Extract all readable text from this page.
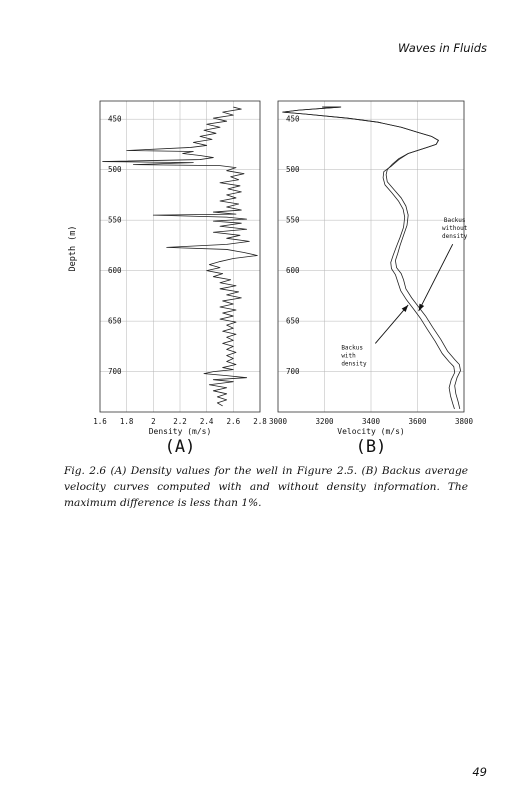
Waves in Fluids
1.6 1.8 2 2.2 2.4 2.6 2.8
450
500
550
600
650
700
Density (m/s)
Depth (m)
(A)
3000	3200	3400	3600	3800
450
500
550
600
650
700
Velocity (m/s)
(B)
Backus
without
density
Backus
with
density

Fig. 2.6 (A) Density values for the well in Figure 2.5. (B) Backus average velocity curves computed with and without density information. The maximum difference is less than 1%.

49
